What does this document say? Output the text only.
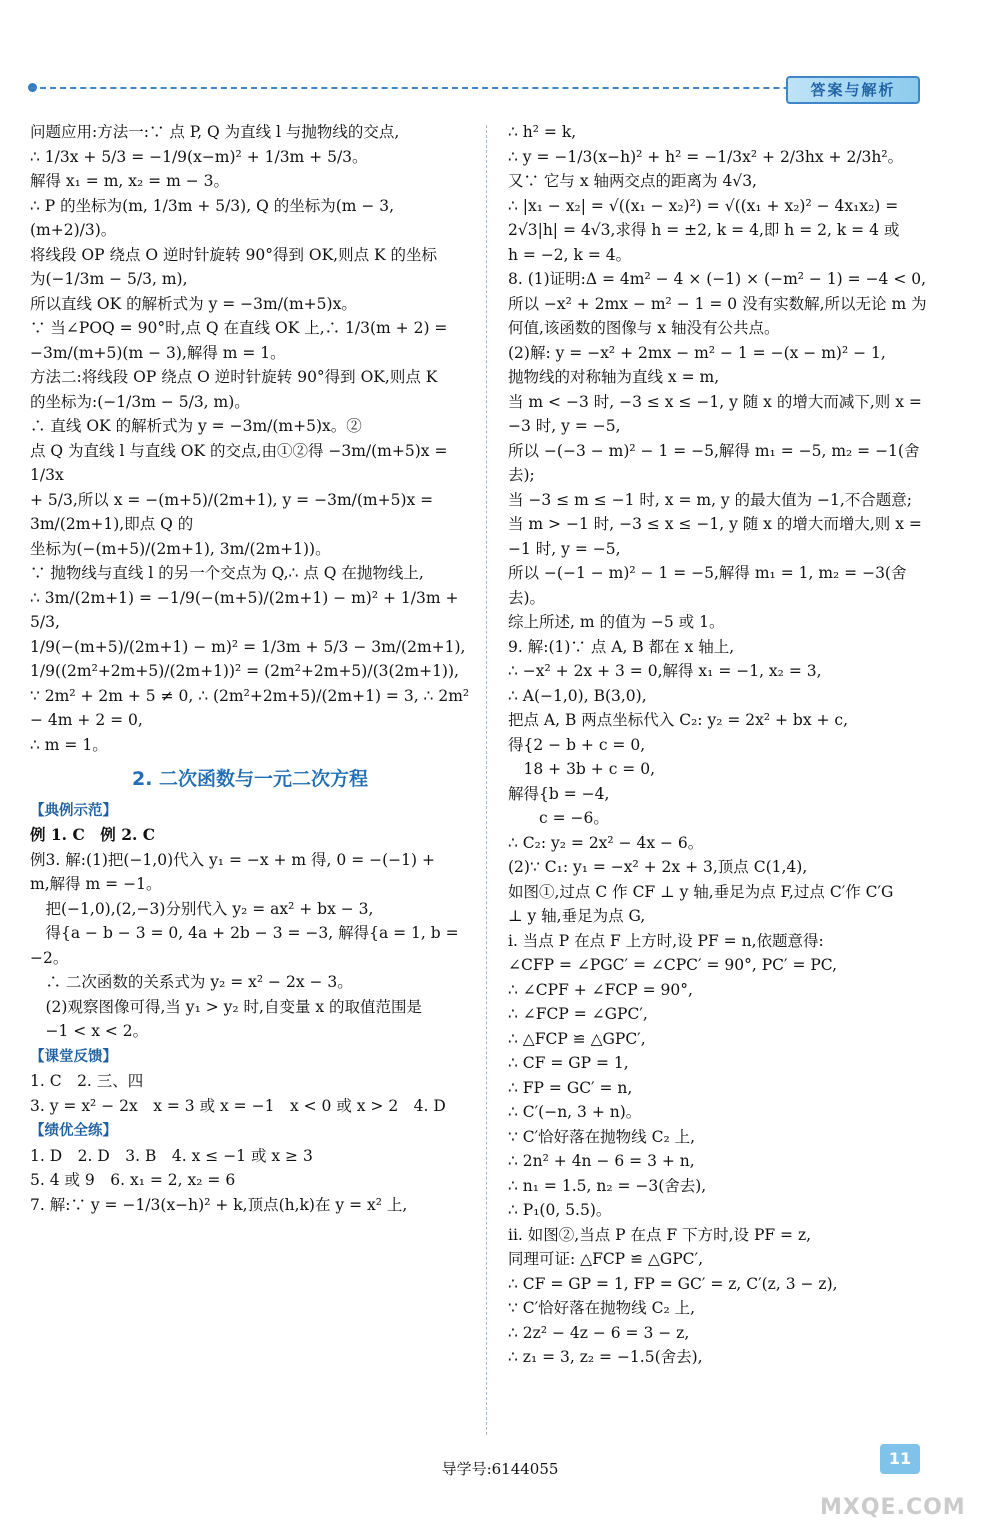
答案与解析
问题应用:方法一:∵ 点 P, Q 为直线 l 与抛物线的交点,
∴ 1/3x + 5/3 = −1/9(x−m)² + 1/3m + 5/3。
解得 x₁ = m, x₂ = m − 3。
∴ P 的坐标为(m, 1/3m + 5/3), Q 的坐标为(m − 3, (m+2)/3)。
将线段 OP 绕点 O 逆时针旋转 90°得到 OK,则点 K 的坐标
为(−1/3m − 5/3, m),
所以直线 OK 的解析式为 y = −3m/(m+5)x。
∵ 当∠POQ = 90°时,点 Q 在直线 OK 上,∴ 1/3(m + 2) =
−3m/(m+5)(m − 3),解得 m = 1。
方法二:将线段 OP 绕点 O 逆时针旋转 90°得到 OK,则点 K
的坐标为:(−1/3m − 5/3, m)。
∴ 直线 OK 的解析式为 y = −3m/(m+5)x。②
点 Q 为直线 l 与直线 OK 的交点,由①②得 −3m/(m+5)x = 1/3x
+ 5/3,所以 x = −(m+5)/(2m+1), y = −3m/(m+5)x = 3m/(2m+1),即点 Q 的
坐标为(−(m+5)/(2m+1), 3m/(2m+1))。
∵ 抛物线与直线 l 的另一个交点为 Q,∴ 点 Q 在抛物线上,
∴ 3m/(2m+1) = −1/9(−(m+5)/(2m+1) − m)² + 1/3m + 5/3,
1/9(−(m+5)/(2m+1) − m)² = 1/3m + 5/3 − 3m/(2m+1),
1/9((2m²+2m+5)/(2m+1))² = (2m²+2m+5)/(3(2m+1)),
∵ 2m² + 2m + 5 ≠ 0, ∴ (2m²+2m+5)/(2m+1) = 3, ∴ 2m² − 4m + 2 = 0,
∴ m = 1。
2. 二次函数与一元二次方程
【典例示范】
例 1. C　例 2. C
例3. 解:(1)把(−1,0)代入 y₁ = −x + m 得, 0 = −(−1) +
m,解得 m = −1。
　把(−1,0),(2,−3)分别代入 y₂ = ax² + bx − 3,
　得{a − b − 3 = 0, 4a + 2b − 3 = −3, 解得{a = 1, b = −2。
　∴ 二次函数的关系式为 y₂ = x² − 2x − 3。
　(2)观察图像可得,当 y₁ > y₂ 时,自变量 x 的取值范围是
　−1 < x < 2。
【课堂反馈】
1. C　2. 三、四
3. y = x² − 2x　x = 3 或 x = −1　x < 0 或 x > 2　4. D
【绩优全练】
1. D　2. D　3. B　4. x ≤ −1 或 x ≥ 3
5. 4 或 9　6. x₁ = 2, x₂ = 6
7. 解:∵ y = −1/3(x−h)² + k,顶点(h,k)在 y = x² 上,
∴ h² = k,
∴ y = −1/3(x−h)² + h² = −1/3x² + 2/3hx + 2/3h²。
又∵ 它与 x 轴两交点的距离为 4√3,
∴ |x₁ − x₂| = √((x₁ − x₂)²) = √((x₁ + x₂)² − 4x₁x₂) =
2√3|h| = 4√3,求得 h = ±2, k = 4,即 h = 2, k = 4 或
h = −2, k = 4。
8. (1)证明:Δ = 4m² − 4 × (−1) × (−m² − 1) = −4 < 0,
所以 −x² + 2mx − m² − 1 = 0 没有实数解,所以无论 m 为
何值,该函数的图像与 x 轴没有公共点。
(2)解: y = −x² + 2mx − m² − 1 = −(x − m)² − 1,
抛物线的对称轴为直线 x = m,
当 m < −3 时, −3 ≤ x ≤ −1, y 随 x 的增大而减下,则 x =
−3 时, y = −5,
所以 −(−3 − m)² − 1 = −5,解得 m₁ = −5, m₂ = −1(舍
去);
当 −3 ≤ m ≤ −1 时, x = m, y 的最大值为 −1,不合题意;
当 m > −1 时, −3 ≤ x ≤ −1, y 随 x 的增大而增大,则 x =
−1 时, y = −5,
所以 −(−1 − m)² − 1 = −5,解得 m₁ = 1, m₂ = −3(舍
去)。
综上所述, m 的值为 −5 或 1。
9. 解:(1)∵ 点 A, B 都在 x 轴上,
∴ −x² + 2x + 3 = 0,解得 x₁ = −1, x₂ = 3,
∴ A(−1,0), B(3,0),
把点 A, B 两点坐标代入 C₂: y₂ = 2x² + bx + c,
得{2 − b + c = 0,
　18 + 3b + c = 0,
解得{b = −4,
　　c = −6。
∴ C₂: y₂ = 2x² − 4x − 6。
(2)∵ C₁: y₁ = −x² + 2x + 3,顶点 C(1,4),
如图①,过点 C 作 CF ⊥ y 轴,垂足为点 F,过点 C′作 C′G
⊥ y 轴,垂足为点 G,
i. 当点 P 在点 F 上方时,设 PF = n,依题意得:
∠CFP = ∠PGC′ = ∠CPC′ = 90°, PC′ = PC,
∴ ∠CPF + ∠FCP = 90°,
∴ ∠FCP = ∠GPC′,
∴ △FCP ≌ △GPC′,
∴ CF = GP = 1,
∴ FP = GC′ = n,
∴ C′(−n, 3 + n)。
∵ C′恰好落在抛物线 C₂ 上,
∴ 2n² + 4n − 6 = 3 + n,
∴ n₁ = 1.5, n₂ = −3(舍去),
∴ P₁(0, 5.5)。
ii. 如图②,当点 P 在点 F 下方时,设 PF = z,
同理可证: △FCP ≌ △GPC′,
∴ CF = GP = 1, FP = GC′ = z, C′(z, 3 − z),
∵ C′恰好落在抛物线 C₂ 上,
∴ 2z² − 4z − 6 = 3 − z,
∴ z₁ = 3, z₂ = −1.5(舍去),
MXQE.COM
11
导学号:6144055
